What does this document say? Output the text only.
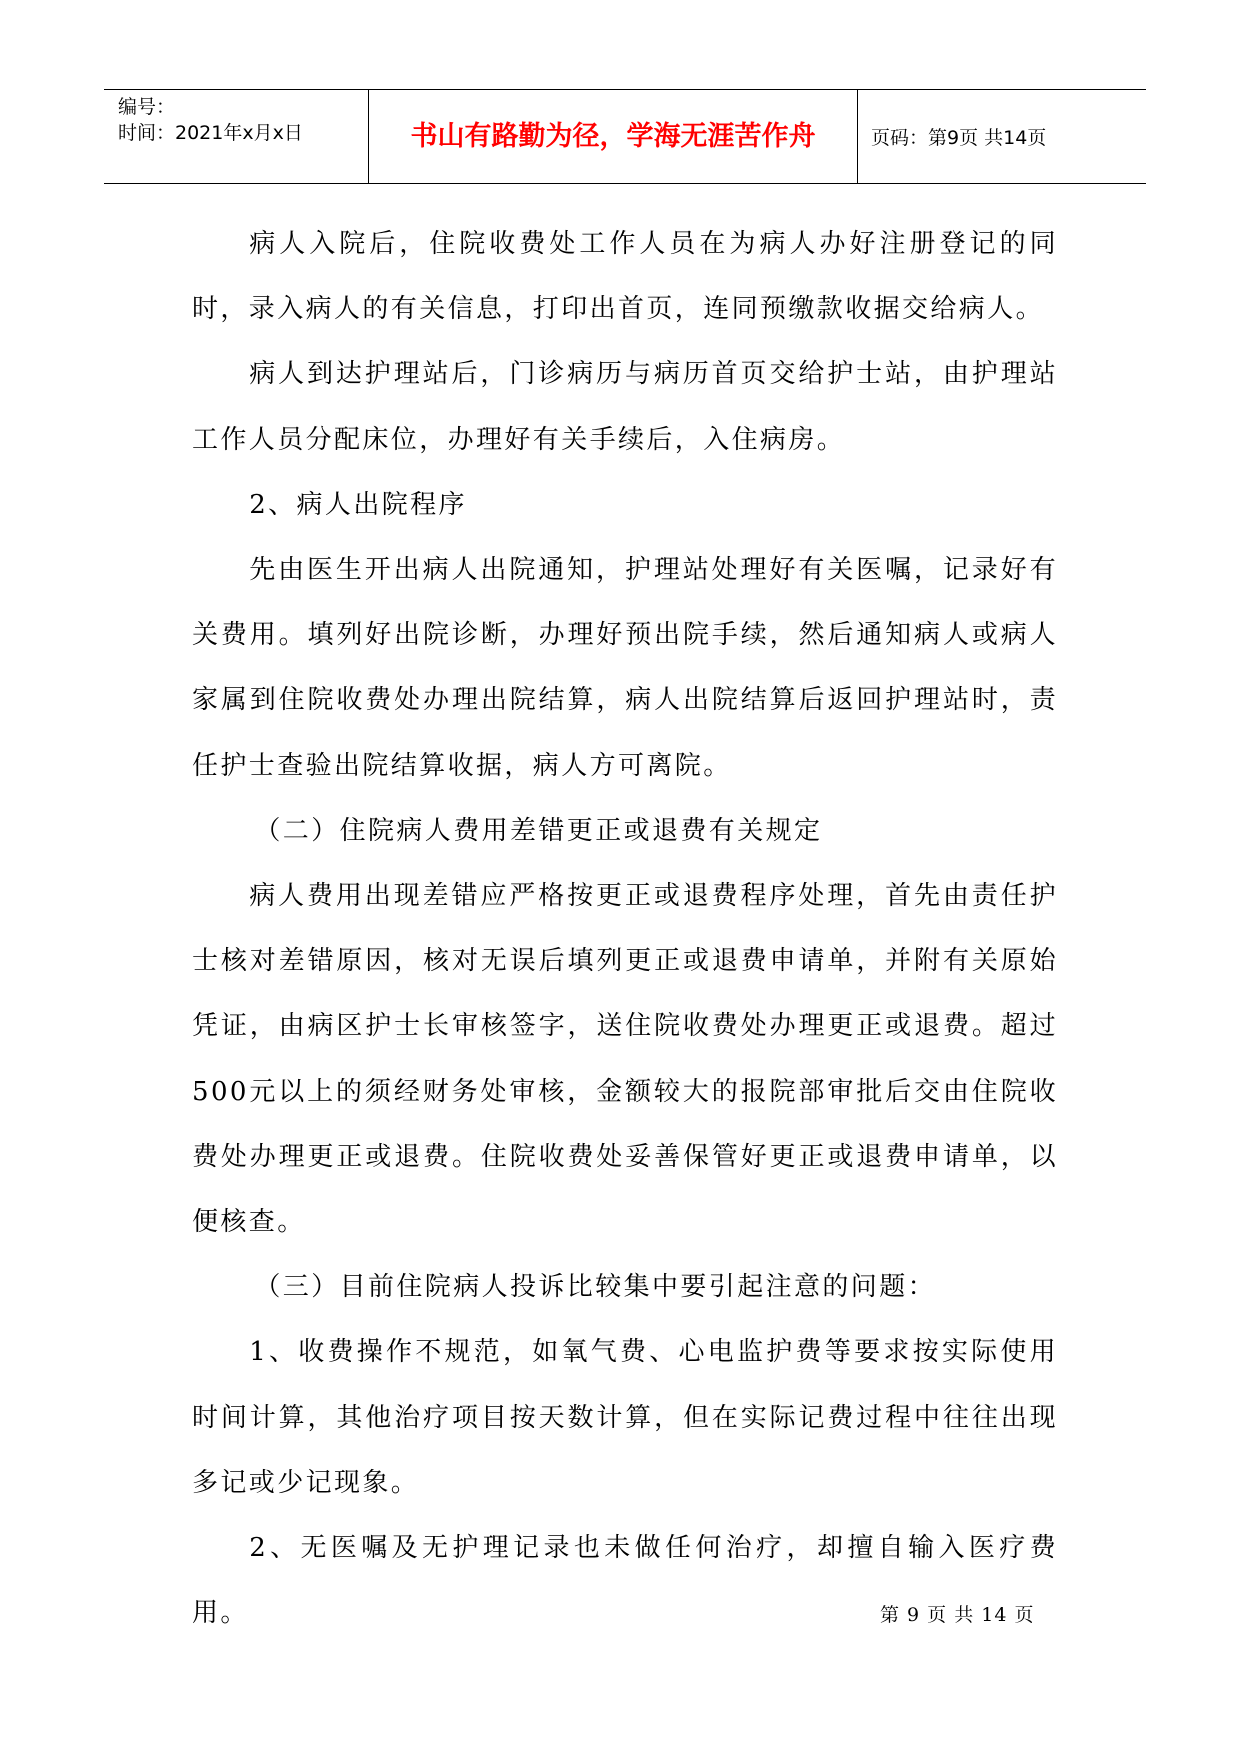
编号：
时间：2021年x月x日	书山有路勤为径，学海无涯苦作舟	页码：第9页 共14页

病人入院后，住院收费处工作人员在为病人办好注册登记的同时，录入病人的有关信息，打印出首页，连同预缴款收据交给病人。

病人到达护理站后，门诊病历与病历首页交给护士站，由护理站工作人员分配床位，办理好有关手续后，入住病房。

2、病人出院程序

先由医生开出病人出院通知，护理站处理好有关医嘱，记录好有关费用。填列好出院诊断，办理好预出院手续，然后通知病人或病人家属到住院收费处办理出院结算，病人出院结算后返回护理站时，责任护士查验出院结算收据，病人方可离院。

（二）住院病人费用差错更正或退费有关规定

病人费用出现差错应严格按更正或退费程序处理，首先由责任护士核对差错原因，核对无误后填列更正或退费申请单，并附有关原始凭证，由病区护士长审核签字，送住院收费处办理更正或退费。超过500元以上的须经财务处审核，金额较大的报院部审批后交由住院收费处办理更正或退费。住院收费处妥善保管好更正或退费申请单，以便核查。

（三）目前住院病人投诉比较集中要引起注意的问题：

1、收费操作不规范，如氧气费、心电监护费等要求按实际使用时间计算，其他治疗项目按天数计算，但在实际记费过程中往往出现多记或少记现象。

2、无医嘱及无护理记录也未做任何治疗，却擅自输入医疗费用。	第 9 页 共 14 页
